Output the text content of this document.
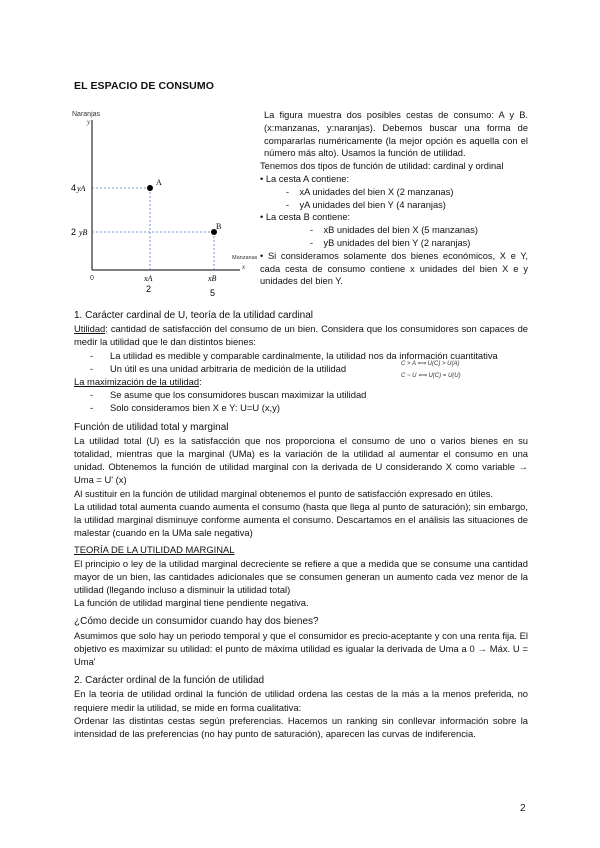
EL ESPACIO DE CONSUMO
Naranjas
y
Manzanas
x
0
A
B
4 yA
2 yB
xA
2
xB
5

La figura muestra dos posibles cestas de consumo: A y B. (x:manzanas, y:naranjas). Debemos buscar una forma de compararlas numéricamente (la mejor opción es aquella con el número más alto). Usamos la función de utilidad.

Tenemos dos tipos de función de utilidad: cardinal y ordinal

• La cesta A contiene:

-    xA unidades del bien X (2 manzanas)

-    yA unidades del bien Y (4 naranjas)

• La cesta B contiene:

-    xB unidades del bien X (5 manzanas)

-    yB unidades del bien Y (2 naranjas)

• Si consideramos solamente dos bienes económicos, X e Y, cada cesta de consumo contiene x unidades del bien X e y unidades del bien Y.

C > A ⟺ U(C) > U(A)
C ~ U ⟺ U(C) = U(U)

1. Carácter cardinal de U, teoría de la utilidad cardinal

Utilidad: cantidad de satisfacción del consumo de un bien. Considera que los consumidores son capaces de medir la utilidad que le dan distintos bienes:

- La utilidad es medible y comparable cardinalmente, la utilidad nos da información cuantitativa
- Un útil es una unidad arbitraria de medición de la utilidad

La maximización de la utilidad:

- Se asume que los consumidores buscan maximizar la utilidad
- Solo consideramos bien X e Y: U=U (x,y)

Función de utilidad total y marginal

La utilidad total (U) es la satisfacción que nos proporciona el consumo de uno o varios bienes en su totalidad, mientras que la marginal (UMa) es la variación de la utilidad al aumentar el consumo en una unidad. Obtenemos la función de utilidad marginal con la derivada de U considerando X como variable → Uma = U' (x)

Al sustituir en la función de utilidad marginal obtenemos el punto de satisfacción expresado en útiles.

La utilidad total aumenta cuando aumenta el consumo (hasta que llega al punto de saturación); sin embargo, la utilidad marginal disminuye conforme aumenta el consumo. Descartamos en el análisis las situaciones de malestar (cuando en la UMa sale negativa)

TEORÍA DE LA UTILIDAD MARGINAL

El principio o ley de la utilidad marginal decreciente se refiere a que a medida que se consume una cantidad mayor de un bien, las cantidades adicionales que se consumen generan un aumento cada vez menor de la utilidad (llegando incluso a disminuir la utilidad total)

La función de utilidad marginal tiene pendiente negativa.

¿Cómo decide un consumidor cuando hay dos bienes?

Asumimos que solo hay un periodo temporal y que el consumidor es precio-aceptante y con una renta fija. El objetivo es maximizar su utilidad: el punto de máxima utilidad es igualar la derivada de Uma a 0 → Máx. U = Uma'

2. Carácter ordinal de la función de utilidad

En la teoría de utilidad ordinal la función de utilidad ordena las cestas de la más a la menos preferida, no requiere medir la utilidad, se mide en forma cualitativa:

Ordenar las distintas cestas según preferencias. Hacemos un ranking sin conllevar información sobre la intensidad de las preferencias (no hay punto de saturación), aparecen las curvas de indiferencia.

2
